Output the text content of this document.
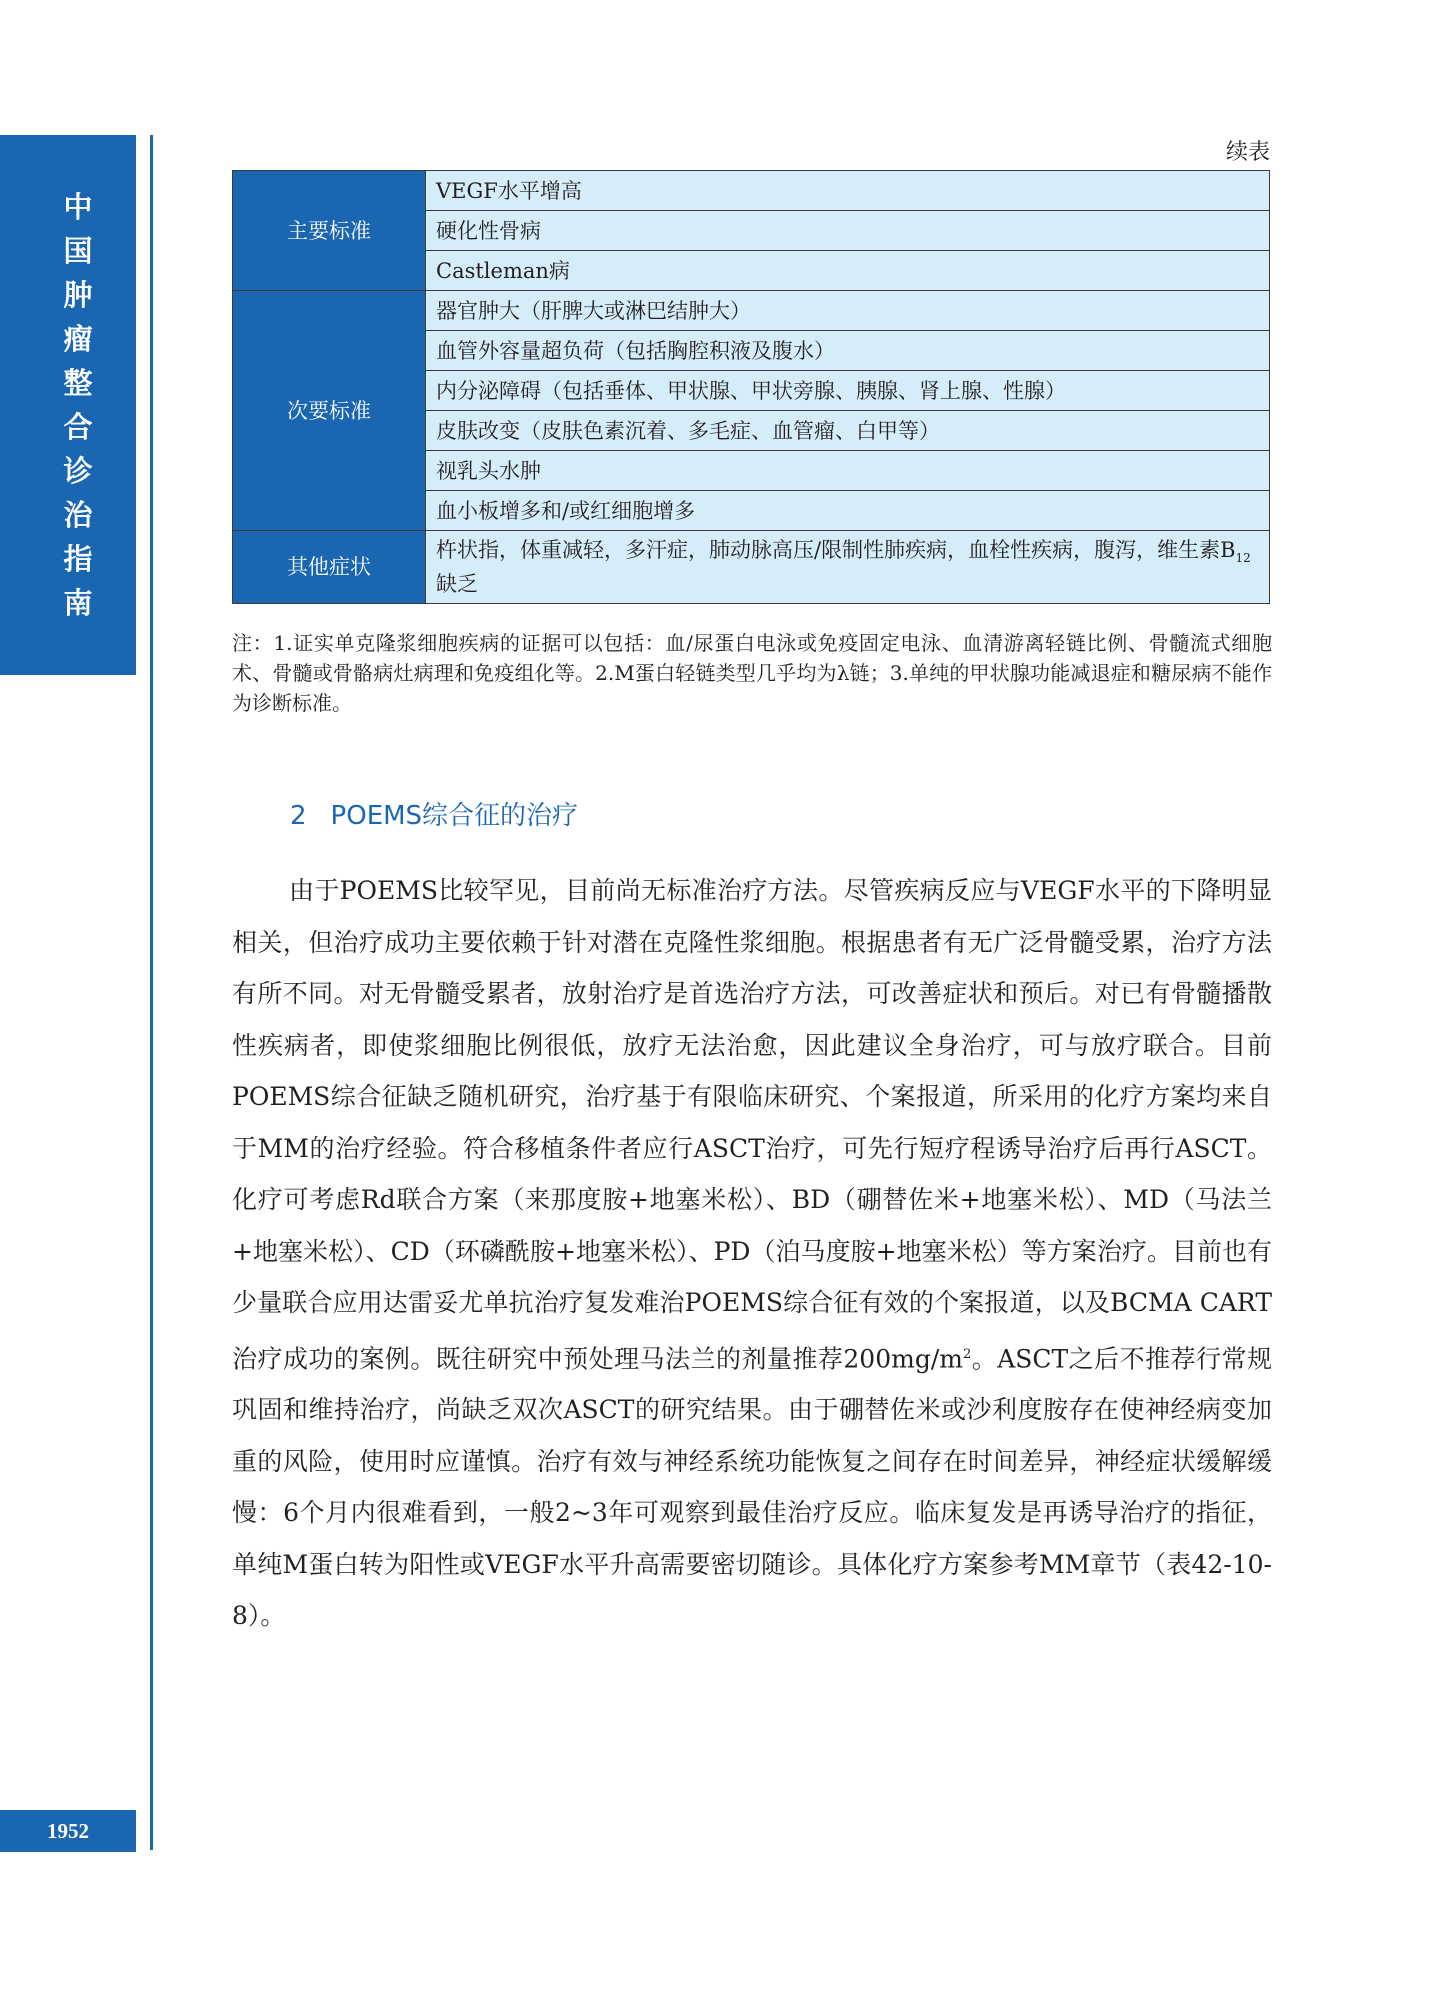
中
国
肿
瘤
整
合
诊
治
指
南
1952
续表
主要标准	VEGF水平增高
	硬化性骨病
	Castleman病
次要标准	器官肿大（肝脾大或淋巴结肿大）
	血管外容量超负荷（包括胸腔积液及腹水）
	内分泌障碍（包括垂体、甲状腺、甲状旁腺、胰腺、肾上腺、性腺）
	皮肤改变（皮肤色素沉着、多毛症、血管瘤、白甲等）
	视乳头水肿
	血小板增多和/或红细胞增多
其他症状	杵状指，体重减轻，多汗症，肺动脉高压/限制性肺疾病，血栓性疾病，腹泻，维生素$B_{12}$缺乏
注：1.证实单克隆浆细胞疾病的证据可以包括：血/尿蛋白电泳或免疫固定电泳、血清游离轻链比例、骨髓流式细胞术、骨髓或骨骼病灶病理和免疫组化等。2.M蛋白轻链类型几乎均为λ链；3.单纯的甲状腺功能减退症和糖尿病不能作为诊断标准。
2 POEMS综合征的治疗
由于POEMS比较罕见，目前尚无标准治疗方法。尽管疾病反应与VEGF水平的下降明显相关，但治疗成功主要依赖于针对潜在克隆性浆细胞。根据患者有无广泛骨髓受累，治疗方法有所不同。对无骨髓受累者，放射治疗是首选治疗方法，可改善症状和预后。对已有骨髓播散性疾病者，即使浆细胞比例很低，放疗无法治愈，因此建议全身治疗，可与放疗联合。目前POEMS综合征缺乏随机研究，治疗基于有限临床研究、个案报道，所采用的化疗方案均来自于MM的治疗经验。符合移植条件者应行ASCT治疗，可先行短疗程诱导治疗后再行ASCT。化疗可考虑Rd联合方案（来那度胺+地塞米松）、BD（硼替佐米+地塞米松）、MD（马法兰+地塞米松）、CD（环磷酰胺+地塞米松）、PD（泊马度胺+地塞米松）等方案治疗。目前也有少量联合应用达雷妥尤单抗治疗复发难治POEMS综合征有效的个案报道，以及BCMA CART治疗成功的案例。既往研究中预处理马法兰的剂量推荐$200mg/m^2$。ASCT之后不推荐行常规巩固和维持治疗，尚缺乏双次ASCT的研究结果。由于硼替佐米或沙利度胺存在使神经病变加重的风险，使用时应谨慎。治疗有效与神经系统功能恢复之间存在时间差异，神经症状缓解缓慢：6个月内很难看到，一般2~3年可观察到最佳治疗反应。临床复发是再诱导治疗的指征，单纯M蛋白转为阳性或VEGF水平升高需要密切随诊。具体化疗方案参考MM章节（表42-10-8）。
